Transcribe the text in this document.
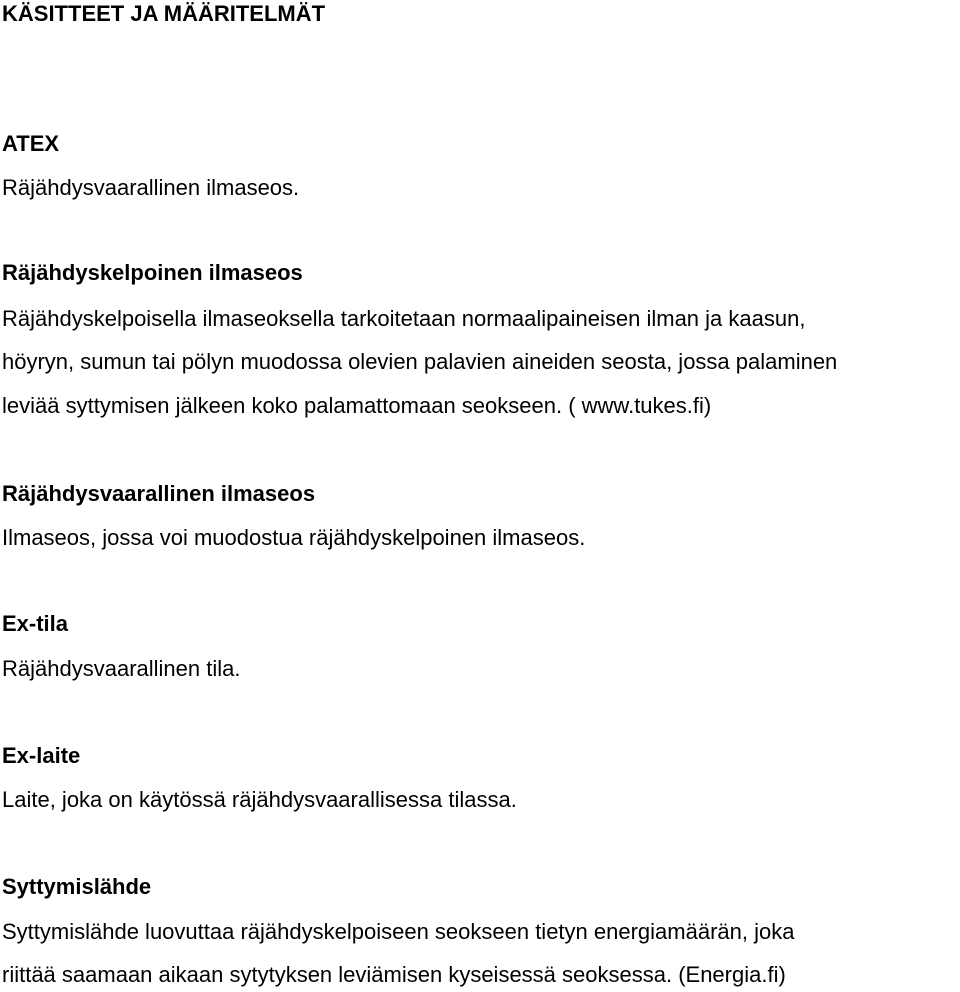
KÄSITTEET JA MÄÄRITELMÄT
ATEX

Räjähdysvaarallinen ilmaseos.

Räjähdyskelpoinen ilmaseos

Räjähdyskelpoisella ilmaseoksella tarkoitetaan normaalipaineisen ilman ja kaasun,

höyryn, sumun tai pölyn muodossa olevien palavien aineiden seosta, jossa palaminen

leviää syttymisen jälkeen koko palamattomaan seokseen. ( www.tukes.fi)

Räjähdysvaarallinen ilmaseos

Ilmaseos, jossa voi muodostua räjähdyskelpoinen ilmaseos.

Ex-tila

Räjähdysvaarallinen tila.

Ex-laite

Laite, joka on käytössä räjähdysvaarallisessa tilassa.

Syttymislähde

Syttymislähde luovuttaa räjähdyskelpoiseen seokseen tietyn energiamäärän, joka

riittää saamaan aikaan sytytyksen leviämisen kyseisessä seoksessa. (Energia.fi)
